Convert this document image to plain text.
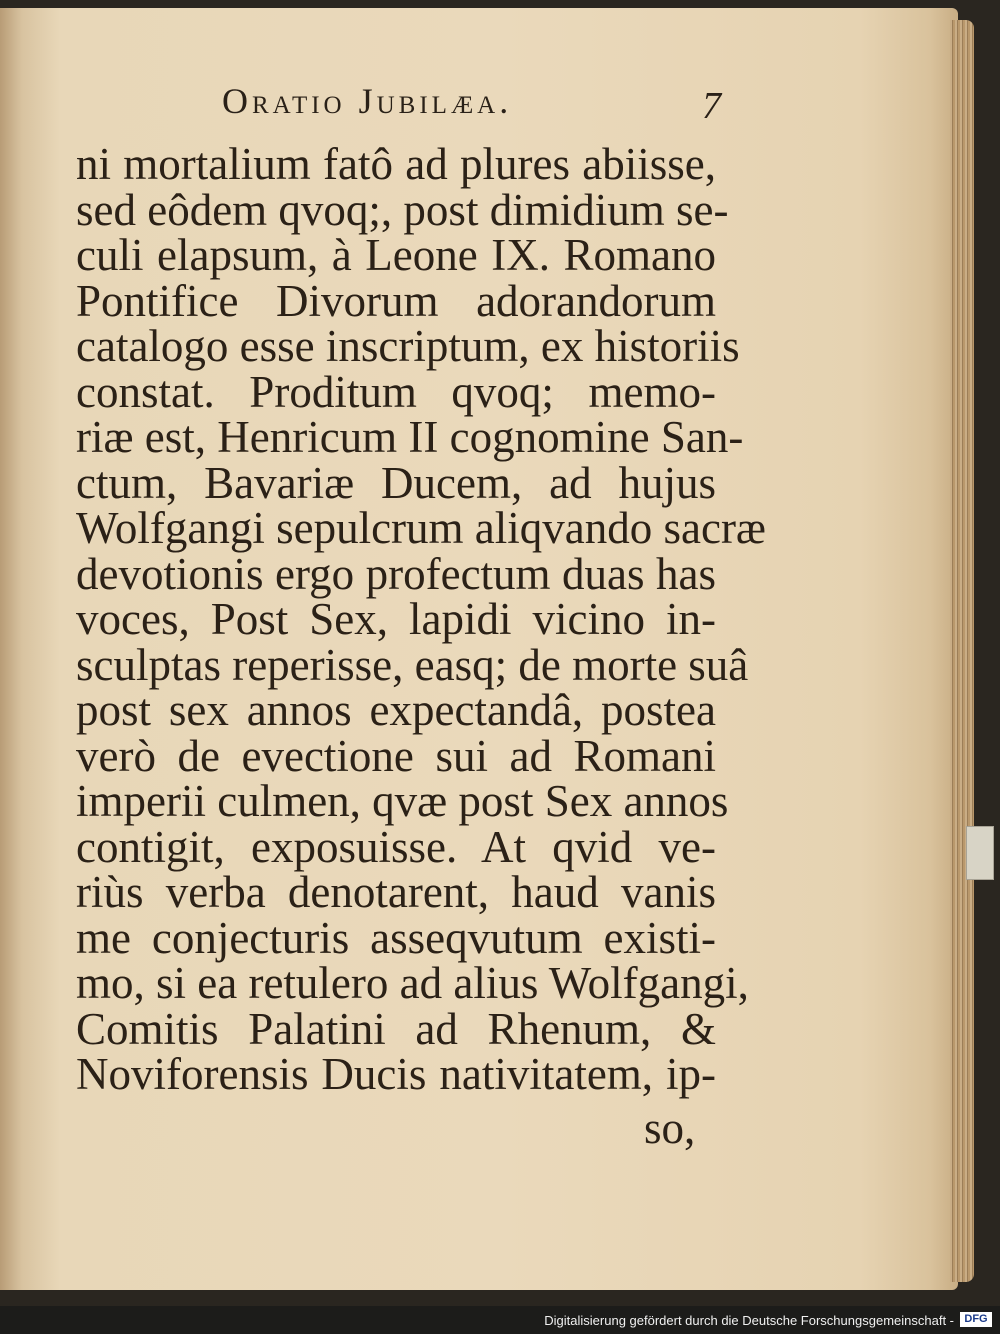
Oratio Jubilæa.	7
ni mortalium fatô ad plures abiisse,
sed eôdem qvoq;, post dimidium se-
culi elapsum, à Leone IX. Romano
Pontifice Divorum adorandorum
catalogo esse inscriptum, ex historiis
constat. Proditum qvoq; memo-
riæ est, Henricum II cognomine San-
ctum, Bavariæ Ducem, ad hujus
Wolfgangi sepulcrum aliqvando sacræ
devotionis ergo profectum duas has
voces, Post Sex, lapidi vicino in-
sculptas reperisse, easq; de morte suâ
post sex annos expectandâ, postea
verò de evectione sui ad Romani
imperii culmen, qvæ post Sex annos
contigit, exposuisse. At qvid ve-
riùs verba denotarent, haud vanis
me conjecturis asseqvutum existi-
mo, si ea retulero ad alius Wolfgangi,
Comitis Palatini ad Rhenum, &
Noviforensis Ducis nativitatem, ip-
so,
Digitalisierung gefördert durch die Deutsche Forschungsgemeinschaft - DFG
